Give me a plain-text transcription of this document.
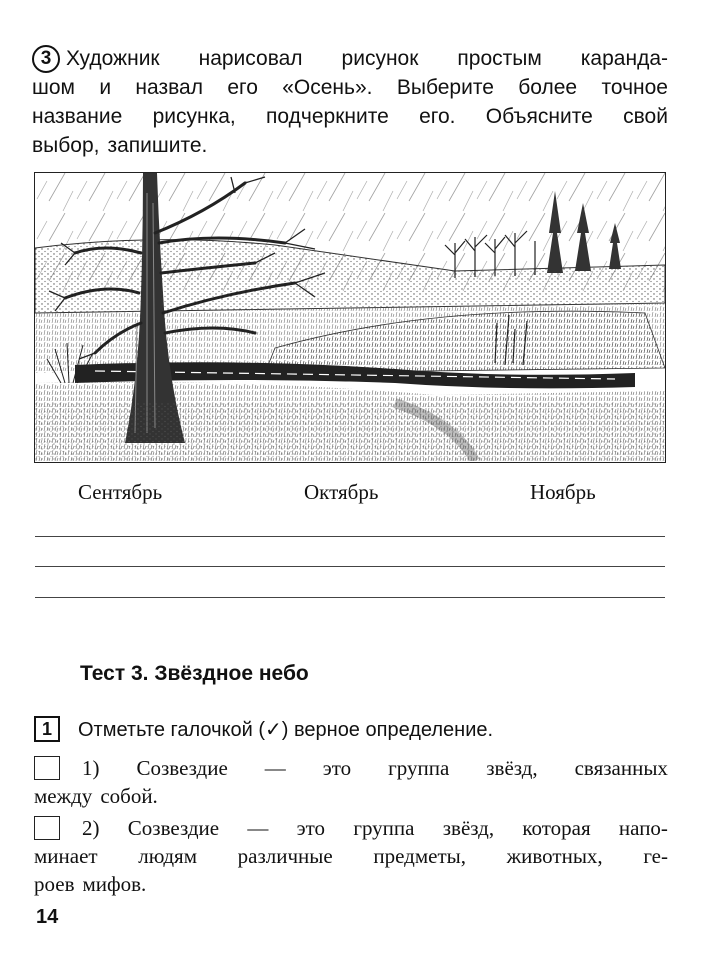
3 Художник нарисовал рисунок простым каранда-
шом и назвал его «Осень». Выберите более точное
название рисунка, подчеркните его. Объясните свой
выбор, запишите.
Сентябрь	Октябрь	Ноябрь
Тест 3. Звёздное небо
1	Отметьте галочкой (✓) верное определение.
1) Созвездие — это группа звёзд, связанных
между собой.
2) Созвездие — это группа звёзд, которая напо-
минает людям различные предметы, животных, ге-
роев мифов.
14
